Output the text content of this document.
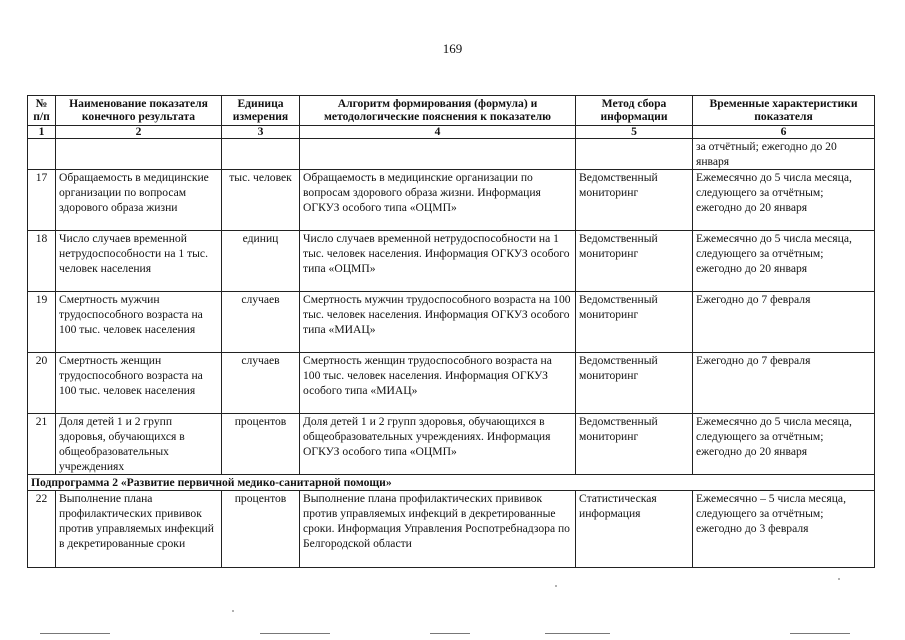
169
№ п/п	Наименование показателя конечного результата	Единица измерения	Алгоритм формирования (формула) и методологические пояснения к показателю	Метод сбора информации	Временные характеристики показателя
1	2	3	4	5	6
					за отчётный; ежегодно до 20 января
17	Обращаемость в медицинские организации по вопросам здорового образа жизни	тыс. человек	Обращаемость в медицинские организации по вопросам здорового образа жизни. Информация ОГКУЗ особого типа «ОЦМП»	Ведомственный мониторинг	Ежемесячно до 5 числа месяца, следующего за отчётным; ежегодно до 20 января
18	Число случаев временной нетрудоспособности на 1 тыс. человек населения	единиц	Число случаев временной нетрудоспособности на 1 тыс. человек населения. Информация ОГКУЗ особого типа «ОЦМП»	Ведомственный мониторинг	Ежемесячно до 5 числа месяца, следующего за отчётным; ежегодно до 20 января
19	Смертность мужчин трудоспособного возраста на 100 тыс. человек населения	случаев	Смертность мужчин трудоспособного возраста на 100 тыс. человек населения. Информация ОГКУЗ особого типа «МИАЦ»	Ведомственный мониторинг	Ежегодно до 7 февраля
20	Смертность женщин трудоспособного возраста на 100 тыс. человек населения	случаев	Смертность женщин трудоспособного возраста на 100 тыс. человек населения. Информация ОГКУЗ особого типа «МИАЦ»	Ведомственный мониторинг	Ежегодно до 7 февраля
21	Доля детей 1 и 2 групп здоровья, обучающихся в общеобразовательных учреждениях	процентов	Доля детей 1 и 2 групп здоровья, обучающихся в общеобразовательных учреждениях. Информация ОГКУЗ особого типа «ОЦМП»	Ведомственный мониторинг	Ежемесячно до 5 числа месяца, следующего за отчётным; ежегодно до 20 января
Подпрограмма 2 «Развитие первичной медико-санитарной помощи»					
22	Выполнение плана профилактических прививок против управляемых инфекций в декретированные сроки	процентов	Выполнение плана профилактических прививок против управляемых инфекций в декретированные сроки. Информация Управления Роспотребнадзора по Белгородской области	Статистическая информация	Ежемесячно – 5 числа месяца, следующего за отчётным; ежегодно до 3 февраля
